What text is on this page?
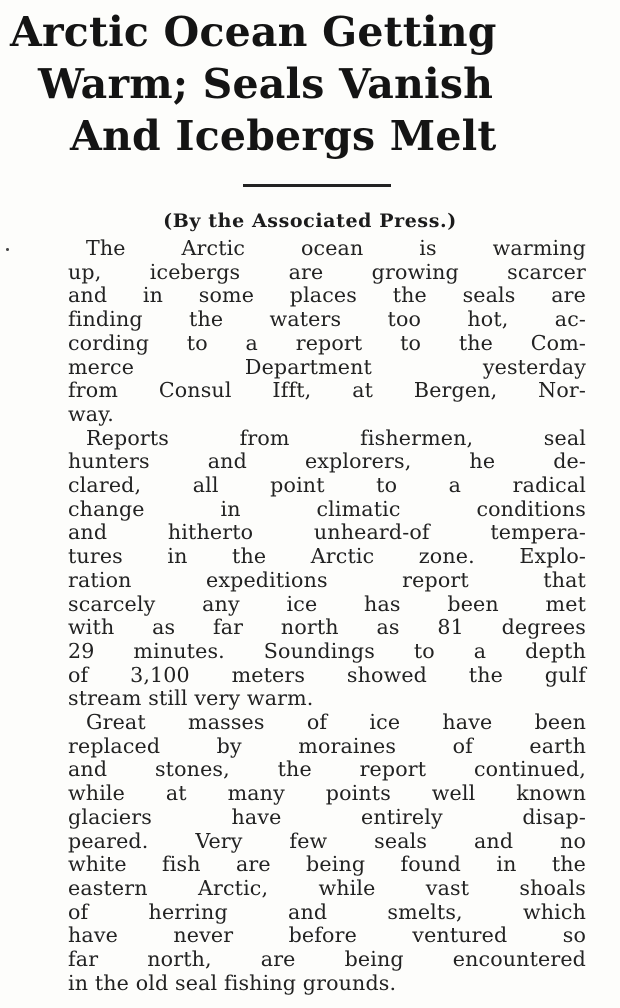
Arctic Ocean Getting
Warm; Seals Vanish
And Icebergs Melt
(By the Associated Press.)

The Arctic ocean is warming
up, icebergs are growing scarcer
and in some places the seals are
finding the waters too hot, ac-
cording to a report to the Com-
merce Department yesterday
from Consul Ifft, at Bergen, Nor-
way.

Reports from fishermen, seal
hunters and explorers, he de-
clared, all point to a radical
change in climatic conditions
and hitherto unheard-of tempera-
tures in the Arctic zone. Explo-
ration expeditions report that
scarcely any ice has been met
with as far north as 81 degrees
29 minutes. Soundings to a depth
of 3,100 meters showed the gulf
stream still very warm.

Great masses of ice have been
replaced by moraines of earth
and stones, the report continued,
while at many points well known
glaciers have entirely disap-
peared. Very few seals and no
white fish are being found in the
eastern Arctic, while vast shoals
of herring and smelts, which
have never before ventured so
far north, are being encountered
in the old seal fishing grounds.
